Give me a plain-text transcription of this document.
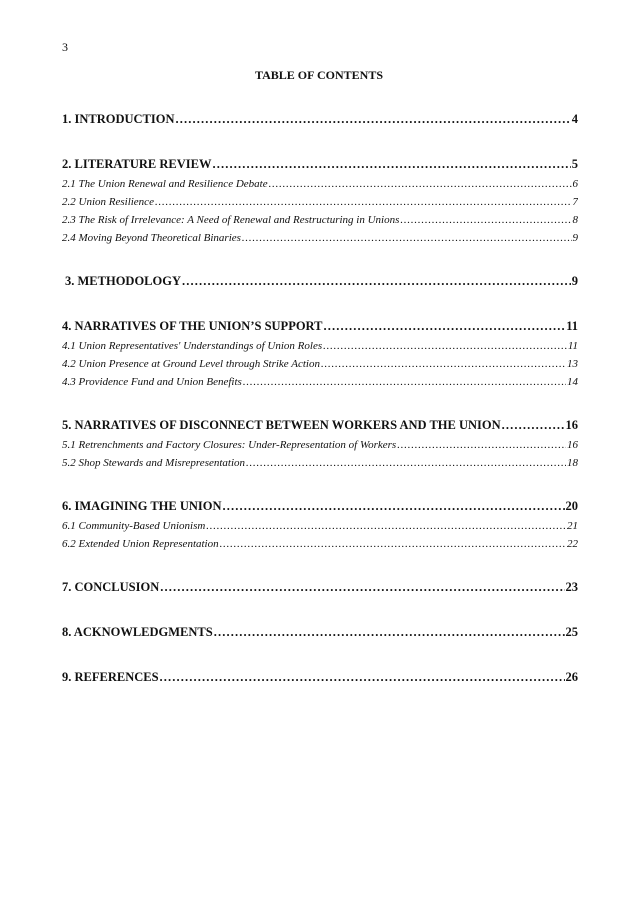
3
TABLE OF CONTENTS
1. INTRODUCTION . . .	4
2. LITERATURE REVIEW . . .	5
2.1 The Union Renewal and Resilience Debate . . .	6
2.2 Union Resilience . . .	7
2.3 The Risk of Irrelevance: A Need of Renewal and Restructuring in Unions . . .	8
2.4 Moving Beyond Theoretical Binaries . . .	9
3. METHODOLOGY . . .	9
4. NARRATIVES OF THE UNION’S SUPPORT . . .	11
4.1 Union Representatives' Understandings of Union Roles . . .	11
4.2 Union Presence at Ground Level through Strike Action . . .	13
4.3 Providence Fund and Union Benefits . . .	14
5. NARRATIVES OF DISCONNECT BETWEEN WORKERS AND THE UNION . . .	16
5.1 Retrenchments and Factory Closures: Under-Representation of Workers . . .	16
5.2 Shop Stewards and Misrepresentation . . .	18
6. IMAGINING THE UNION . . .	20
6.1 Community-Based Unionism . . .	21
6.2 Extended Union Representation . . .	22
7. CONCLUSION . . .	23
8. ACKNOWLEDGMENTS . . .	25
9. REFERENCES . . .	26
